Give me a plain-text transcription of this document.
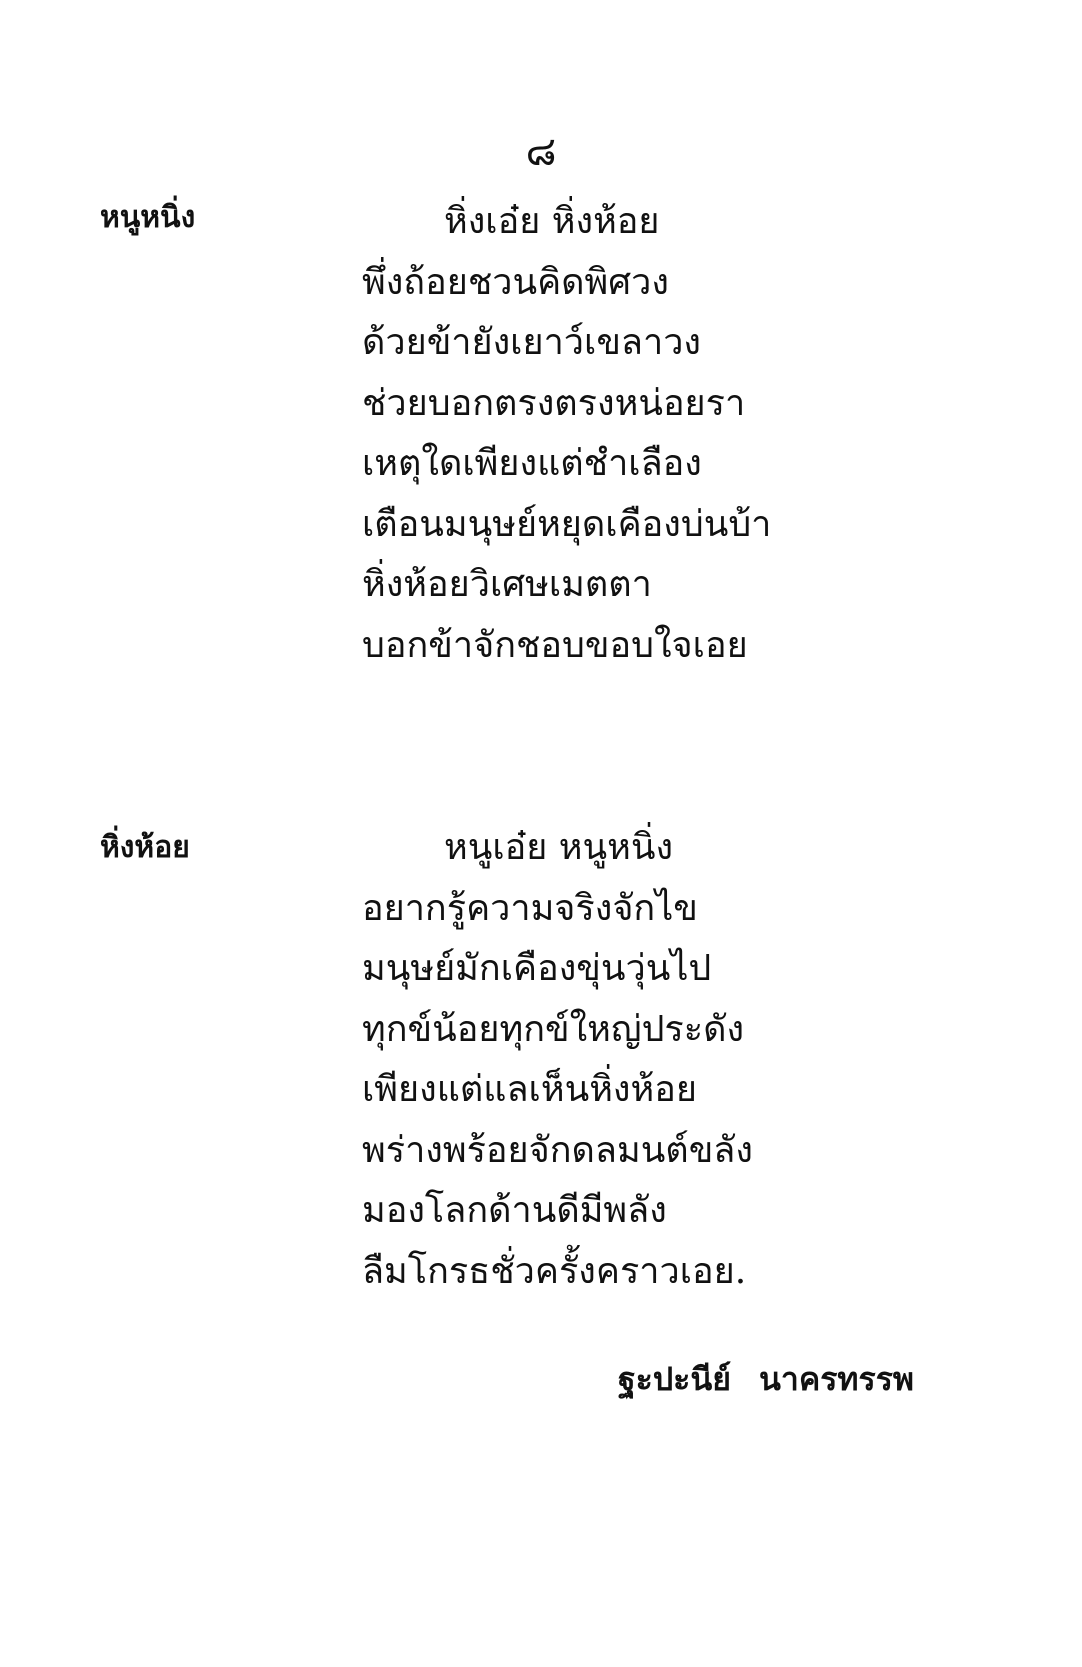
๘
หนูหนิ่ง	หิ่งเอ๋ย หิ่งห้อย
พึ่งถ้อยชวนคิดพิศวง
ด้วยข้ายังเยาว์เขลาวง
ช่วยบอกตรงตรงหน่อยรา
เหตุใดเพียงแต่ชำเลือง
เตือนมนุษย์หยุดเคืองบ่นบ้า
หิ่งห้อยวิเศษเมตตา
บอกข้าจักชอบขอบใจเอย
หิ่งห้อย	หนูเอ๋ย หนูหนิ่ง
อยากรู้ความจริงจักไข
มนุษย์มักเคืองขุ่นวุ่นไป
ทุกข์น้อยทุกข์ใหญ่ประดัง
เพียงแต่แลเห็นหิ่งห้อย
พร่างพร้อยจักดลมนต์ขลัง
มองโลกด้านดีมีพลัง
ลืมโกรธชั่วครั้งคราวเอย.
ฐะปะนีย์ นาครทรรพ
